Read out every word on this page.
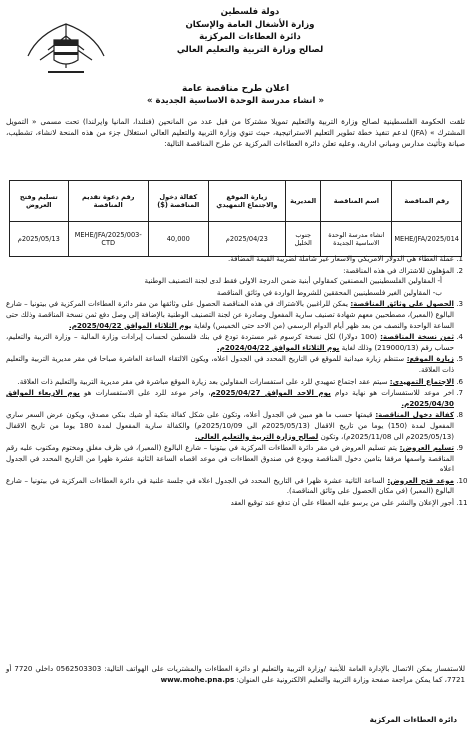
دولة فلسطين
وزارة الأشغال العامة والإسكان
دائرة العطاءات المركزية
لصالح وزارة التربية والتعليم العالي
اعلان طرح مناقصة عامة
« انشاء مدرسة الوحدة الاساسية الجديدة »
تلقت الحكومة الفلسطينية لصالح وزارة التربية والتعليم تمويلا مشتركا من قبل عدد من المانحين (فنلندا، المانيا وايرلندا) تحت مسمى « التمويل المشترك » (JFA) لدعم تنفيذ خطة تطوير التعليم الاستراتيجية، حيث تنوي وزارة التربية والتعليم العالي استغلال جزء من هذه المنحة لانشاء، تشطيب، صيانة وتأثيث مدارس ومباني ادارية، وعليه تعلن دائرة العطاءات المركزية عن طرح المناقصة التالية:
رقم المناقصة	اسم المناقصة	المديرية	زيارة الموقع والاجتماع التمهيدي	كفالة دخول المناقصة ($)	رقم دعوة تقديم المناقصة	تسليم وفتح العروض
MEHE/JFA/2025/014	انشاء مدرسة الوحدة الاساسية الجديدة	جنوب الخليل	2025/04/23م	40,000	MEHE/JFA/2025/003-CTD	2025/05/13م
1. عملة العطاء هي الدولار الامريكي والاسعار غير شاملة لضريبة القيمة المضافة.
2. المؤهلون للاشتراك في هذه المناقصة:
أ- المقاولين الفلسطينيين المصنفين كمقاولي أبنية ضمن الدرجة الاولى فقط لدى لجنة التصنيف الوطنية
ب- المقاولين الغير فلسطينيين المحققين للشروط الواردة في وثائق المناقصة
3. الحصول على وثائق المناقصة: يمكن للراغبين بالاشتراك في هذه المناقصة الحصول على وثائقها من مقر دائرة العطاءات المركزية في بيتونيا – شارع البالوع (المعبر)، مصطحبين معهم شهادة تصنيف سارية المفعول وصادرة عن لجنة التصنيف الوطنية بالإضافة إلى وصل دفع ثمن نسخة المناقصة وذلك حتى الساعة الواحدة والنصف من بعد ظهر أيام الدوام الرسمي (من الاحد حتى الخميس) ولغاية يوم الثلاثاء الموافق 2025/04/22م.
4. ثمن نسخة المناقصة: (100 دولارا) لكل نسخة كرسوم غير مستردة تودع في بنك فلسطين لحساب إيرادات وزارة المالية – وزارة التربية والتعليم، حساب رقم (219000/13) وذلك لغاية يوم الثلاثاء الموافق 2024/04/22م.
5. زيارة الموقع: ستنظم زيارة ميدانية للموقع في التاريخ المحدد في الجدول اعلاه، ويكون الالتقاء الساعة العاشرة صباحا في مقر مديرية التربية والتعليم ذات العلاقة.
6. الاجتماع التمهيدي: سيتم عقد اجتماع تمهيدي للرد على استفسارات المقاولين بعد زيارة الموقع مباشرة في مقر مديرية التربية والتعليم ذات العلاقة.
7. اخر موعد للاستفسارات هو نهاية دوام يوم الاحد الموافق 2025/04/27م، واخر موعد للرد على الاستفسارات هو يوم الاربعاء الموافق 2025/04/30م.
8. كفالة دخول المناقصة: قيمتها حسب ما هو مبين في الجدول أعلاه، وتكون على شكل كفالة بنكية أو شيك بنكي مصدق، ويكون عرض السعر ساري المفعول لمدة (150) يوما من تاريخ الاقفال (2025/05/13م الى 2025/10/09م) والكفالة سارية المفعول لمدة 180 يوما من تاريخ الاقفال (2025/05/13م الى 2025/11/08م)، وتكون لصالح وزارة التربية والتعليم العالي.
9. تسليم العروض: يتم تسليم العروض في مقر دائرة العطاءات المركزية في بيتونيا – شارع البالوع (المعبر)، في ظرف مغلق ومختوم ومكتوب عليه رقم المناقصة واسمها مرفقا بتامين دخول المناقصة ويودع في صندوق العطاءات في موعد اقصاه الساعة الثانية عشرة ظهرا من التاريخ المحدد في الجدول اعلاه
10. موعد فتح العروض: الساعة الثانية عشرة ظهرا في التاريخ المحدد في الجدول اعلاه في جلسة علنية في دائرة العطاءات المركزية في بيتونيا – شارع البالوع (المعبر) (في مكان الحصول على وثائق المناقصة).
11. أجور الإعلان والنشر على من يرسو عليه العطاء على أن تدفع عند توقيع العقد
للاستفسار يمكن الاتصال بالإدارة العامة للأبنية /وزارة التربية والتعليم او دائرة العطاءات والمشتريات على الهواتف التالية: 0562503303 داخلي 7720 أو 7721، كما يمكن مراجعة صفحة وزارة التربية والتعليم الالكترونية على العنوان: www.mohe.pna.ps
دائرة العطاءات المركزية
